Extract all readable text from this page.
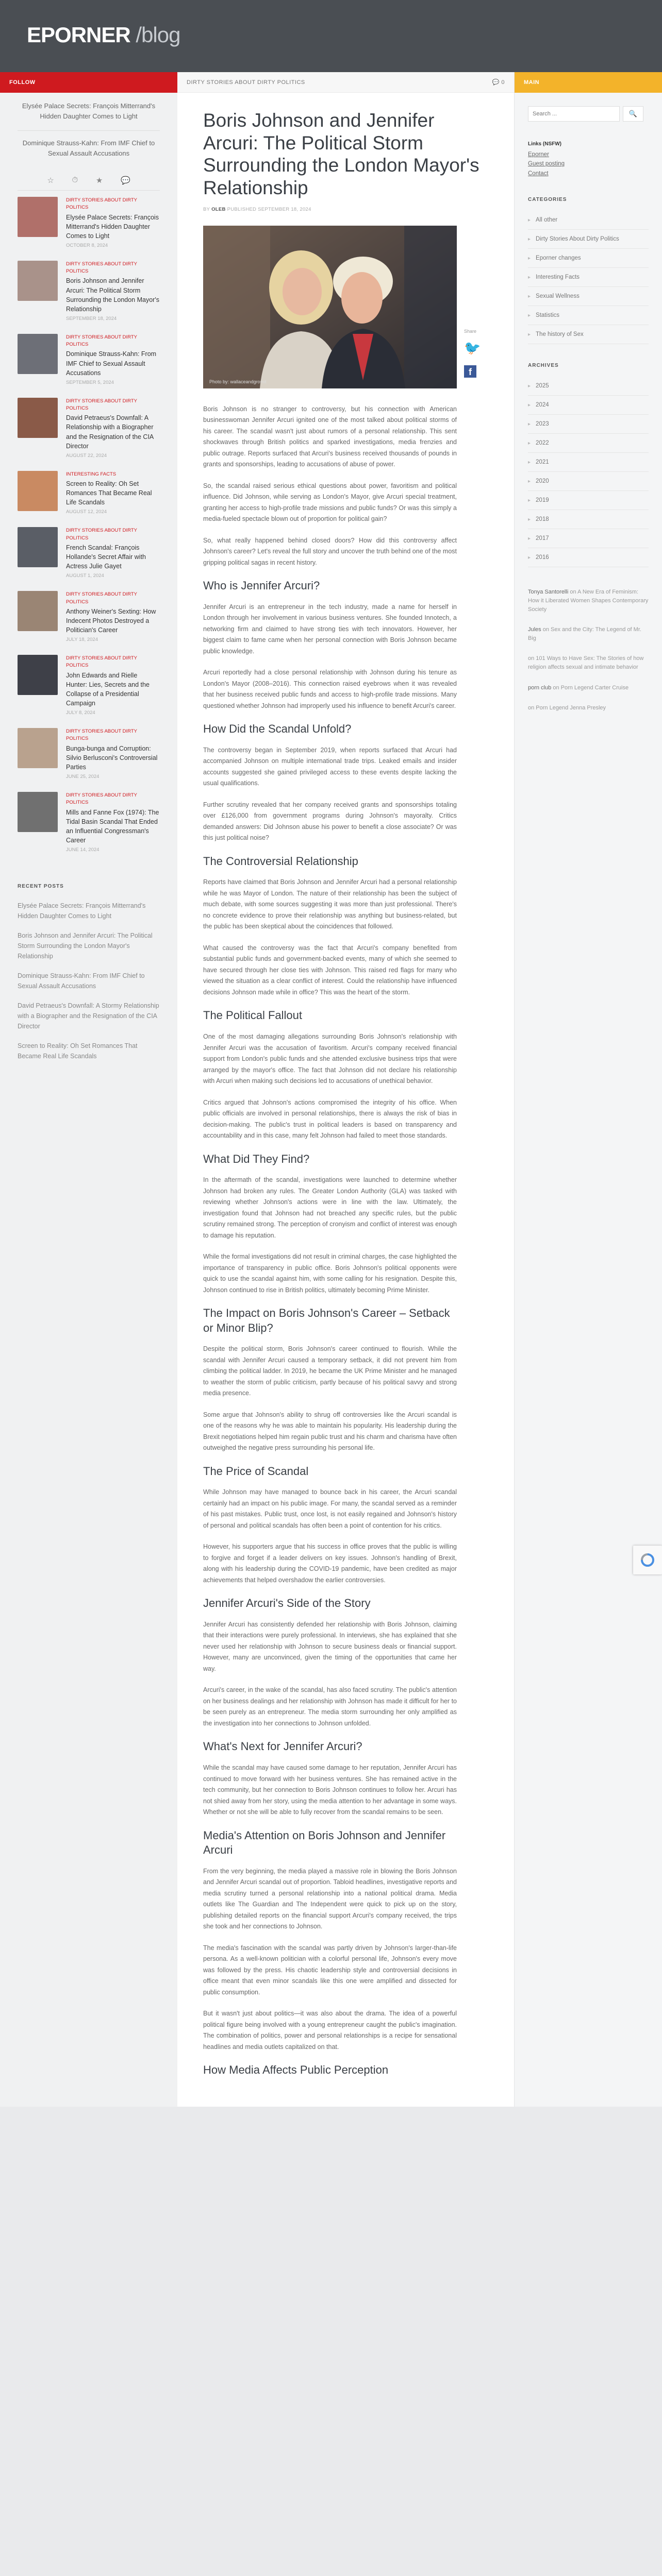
EPORNER /blog
FOLLOW
Elysée Palace Secrets: François Mitterrand's Hidden Daughter Comes to Light
Dominique Strauss-Kahn: From IMF Chief to Sexual Assault Accusations
☆ ⏱ ★ 💬
DIRTY STORIES ABOUT DIRTY POLITICS
Elysée Palace Secrets: François Mitterrand's Hidden Daughter Comes to Light
OCTOBER 8, 2024
DIRTY STORIES ABOUT DIRTY POLITICS
Boris Johnson and Jennifer Arcuri: The Political Storm Surrounding the London Mayor's Relationship
SEPTEMBER 18, 2024
DIRTY STORIES ABOUT DIRTY POLITICS
Dominique Strauss-Kahn: From IMF Chief to Sexual Assault Accusations
SEPTEMBER 5, 2024
DIRTY STORIES ABOUT DIRTY POLITICS
David Petraeus's Downfall: A Relationship with a Biographer and the Resignation of the CIA Director
AUGUST 22, 2024
INTERESTING FACTS
Screen to Reality: Oh Set Romances That Became Real Life Scandals
AUGUST 12, 2024
DIRTY STORIES ABOUT DIRTY POLITICS
French Scandal: François Hollande's Secret Affair with Actress Julie Gayet
AUGUST 1, 2024
DIRTY STORIES ABOUT DIRTY POLITICS
Anthony Weiner's Sexting: How Indecent Photos Destroyed a Politician's Career
JULY 18, 2024
DIRTY STORIES ABOUT DIRTY POLITICS
John Edwards and Rielle Hunter: Lies, Secrets and the Collapse of a Presidential Campaign
JULY 8, 2024
DIRTY STORIES ABOUT DIRTY POLITICS
Bunga-bunga and Corruption: Silvio Berlusconi's Controversial Parties
JUNE 25, 2024
DIRTY STORIES ABOUT DIRTY POLITICS
Mills and Fanne Fox (1974): The Tidal Basin Scandal That Ended an Influential Congressman's Career
JUNE 14, 2024
RECENT POSTS
Elysée Palace Secrets: François Mitterrand's Hidden Daughter Comes to Light
Boris Johnson and Jennifer Arcuri: The Political Storm Surrounding the London Mayor's Relationship
Dominique Strauss-Kahn: From IMF Chief to Sexual Assault Accusations
David Petraeus's Downfall: A Stormy Relationship with a Biographer and the Resignation of the CIA Director
Screen to Reality: Oh Set Romances That Became Real Life Scandals
DIRTY STORIES ABOUT DIRTY POLITICS	💬 0
Boris Johnson and Jennifer Arcuri: The Political Storm Surrounding the London Mayor's Relationship
BY OLEB PUBLISHED SEPTEMBER 18, 2024
Photo by: wallaceandgromit
Share
🐦
f

Boris Johnson is no stranger to controversy, but his connection with American businesswoman Jennifer Arcuri ignited one of the most talked about political storms of his career. The scandal wasn't just about rumors of a personal relationship. This sent shockwaves through British politics and sparked investigations, media frenzies and public outrage. Reports surfaced that Arcuri's business received thousands of pounds in grants and sponsorships, leading to accusations of abuse of power.

So, the scandal raised serious ethical questions about power, favoritism and political influence. Did Johnson, while serving as London's Mayor, give Arcuri special treatment, granting her access to high-profile trade missions and public funds? Or was this simply a media-fueled spectacle blown out of proportion for political gain?

So, what really happened behind closed doors? How did this controversy affect Johnson's career? Let's reveal the full story and uncover the truth behind one of the most gripping political sagas in recent history.

Who is Jennifer Arcuri?

Jennifer Arcuri is an entrepreneur in the tech industry, made a name for herself in London through her involvement in various business ventures. She founded Innotech, a networking firm and claimed to have strong ties with tech innovators. However, her biggest claim to fame came when her personal connection with Boris Johnson became public knowledge.

Arcuri reportedly had a close personal relationship with Johnson during his tenure as London's Mayor (2008–2016). This connection raised eyebrows when it was revealed that her business received public funds and access to high-profile trade missions. Many questioned whether Johnson had improperly used his influence to benefit Arcuri's career.

How Did the Scandal Unfold?

The controversy began in September 2019, when reports surfaced that Arcuri had accompanied Johnson on multiple international trade trips. Leaked emails and insider accounts suggested she gained privileged access to these events despite lacking the usual qualifications.

Further scrutiny revealed that her company received grants and sponsorships totaling over £126,000 from government programs during Johnson's mayoralty. Critics demanded answers: Did Johnson abuse his power to benefit a close associate? Or was this just political noise?

The Controversial Relationship

Reports have claimed that Boris Johnson and Jennifer Arcuri had a personal relationship while he was Mayor of London. The nature of their relationship has been the subject of much debate, with some sources suggesting it was more than just professional. There's no concrete evidence to prove their relationship was anything but business-related, but the public has been skeptical about the coincidences that followed.

What caused the controversy was the fact that Arcuri's company benefited from substantial public funds and government-backed events, many of which she seemed to have secured through her close ties with Johnson. This raised red flags for many who viewed the situation as a clear conflict of interest. Could the relationship have influenced decisions Johnson made while in office? This was the heart of the storm.

The Political Fallout

One of the most damaging allegations surrounding Boris Johnson's relationship with Jennifer Arcuri was the accusation of favoritism. Arcuri's company received financial support from London's public funds and she attended exclusive business trips that were arranged by the mayor's office. The fact that Johnson did not declare his relationship with Arcuri when making such decisions led to accusations of unethical behavior.

Critics argued that Johnson's actions compromised the integrity of his office. When public officials are involved in personal relationships, there is always the risk of bias in decision-making. The public's trust in political leaders is based on transparency and accountability and in this case, many felt Johnson had failed to meet those standards.

What Did They Find?

In the aftermath of the scandal, investigations were launched to determine whether Johnson had broken any rules. The Greater London Authority (GLA) was tasked with reviewing whether Johnson's actions were in line with the law. Ultimately, the investigation found that Johnson had not breached any specific rules, but the public scrutiny remained strong. The perception of cronyism and conflict of interest was enough to damage his reputation.

While the formal investigations did not result in criminal charges, the case highlighted the importance of transparency in public office. Boris Johnson's political opponents were quick to use the scandal against him, with some calling for his resignation. Despite this, Johnson continued to rise in British politics, ultimately becoming Prime Minister.

The Impact on Boris Johnson's Career – Setback or Minor Blip?

Despite the political storm, Boris Johnson's career continued to flourish. While the scandal with Jennifer Arcuri caused a temporary setback, it did not prevent him from climbing the political ladder. In 2019, he became the UK Prime Minister and he managed to weather the storm of public criticism, partly because of his political savvy and strong media presence.

Some argue that Johnson's ability to shrug off controversies like the Arcuri scandal is one of the reasons why he was able to maintain his popularity. His leadership during the Brexit negotiations helped him regain public trust and his charm and charisma have often outweighed the negative press surrounding his personal life.

The Price of Scandal

While Johnson may have managed to bounce back in his career, the Arcuri scandal certainly had an impact on his public image. For many, the scandal served as a reminder of his past mistakes. Public trust, once lost, is not easily regained and Johnson's history of personal and political scandals has often been a point of contention for his critics.

However, his supporters argue that his success in office proves that the public is willing to forgive and forget if a leader delivers on key issues. Johnson's handling of Brexit, along with his leadership during the COVID-19 pandemic, have been credited as major achievements that helped overshadow the earlier controversies.

Jennifer Arcuri's Side of the Story

Jennifer Arcuri has consistently defended her relationship with Boris Johnson, claiming that their interactions were purely professional. In interviews, she has explained that she never used her relationship with Johnson to secure business deals or financial support. However, many are unconvinced, given the timing of the opportunities that came her way.

Arcuri's career, in the wake of the scandal, has also faced scrutiny. The public's attention on her business dealings and her relationship with Johnson has made it difficult for her to be seen purely as an entrepreneur. The media storm surrounding her only amplified as the investigation into her connections to Johnson unfolded.

What's Next for Jennifer Arcuri?

While the scandal may have caused some damage to her reputation, Jennifer Arcuri has continued to move forward with her business ventures. She has remained active in the tech community, but her connection to Boris Johnson continues to follow her. Arcuri has not shied away from her story, using the media attention to her advantage in some ways. Whether or not she will be able to fully recover from the scandal remains to be seen.

Media's Attention on Boris Johnson and Jennifer Arcuri

From the very beginning, the media played a massive role in blowing the Boris Johnson and Jennifer Arcuri scandal out of proportion. Tabloid headlines, investigative reports and media scrutiny turned a personal relationship into a national political drama. Media outlets like The Guardian and The Independent were quick to pick up on the story, publishing detailed reports on the financial support Arcuri's company received, the trips she took and her connections to Johnson.

The media's fascination with the scandal was partly driven by Johnson's larger-than-life persona. As a well-known politician with a colorful personal life, Johnson's every move was followed by the press. His chaotic leadership style and controversial decisions in office meant that even minor scandals like this one were amplified and dissected for public consumption.

But it wasn't just about politics—it was also about the drama. The idea of a powerful political figure being involved with a young entrepreneur caught the public's imagination. The combination of politics, power and personal relationships is a recipe for sensational headlines and media outlets capitalized on that.

How Media Affects Public Perception
MAIN
Search ...
🔍
Links (NSFW)
Eporner
Guest posting
Contact
CATEGORIES
▸ All other
▸ Dirty Stories About Dirty Politics
▸ Eporner changes
▸ Interesting Facts
▸ Sexual Wellness
▸ Statistics
▸ The history of Sex
ARCHIVES
▸ 2025
▸ 2024
▸ 2023
▸ 2022
▸ 2021
▸ 2020
▸ 2019
▸ 2018
▸ 2017
▸ 2016
Tonya Santorelli on A New Era of Feminism: How it Liberated Women Shapes Contemporary Society
Jules on Sex and the City: The Legend of Mr. Big
on 101 Ways to Have Sex: The Stories of how religion affects sexual and intimate behavior
porn club on Porn Legend Carter Cruise
on Porn Legend Jenna Presley
